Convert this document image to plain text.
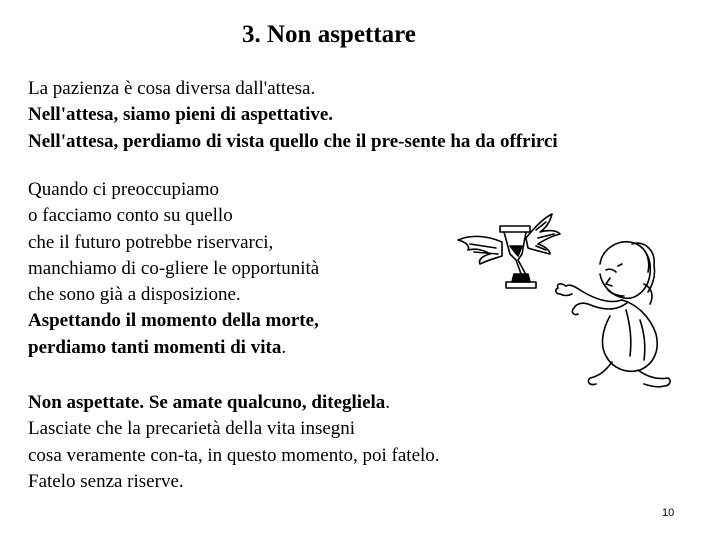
3. Non aspettare
La pazienza è cosa diversa dall'attesa.
Nell'attesa, siamo pieni di aspettative.
Nell'attesa, perdiamo di vista quello che il pre-sente ha da offrirci
Quando ci preoccupiamo
o facciamo conto su quello
che il futuro potrebbe riservarci,
manchiamo di co-gliere le opportunità
che sono già a disposizione.
Aspettando il momento della morte,
perdiamo tanti momenti di vita.
Non aspettate. Se amate qualcuno, ditegliela.
Lasciate che la precarietà della vita insegni
cosa veramente con-ta, in questo momento, poi fatelo.
Fatelo senza riserve.
10
